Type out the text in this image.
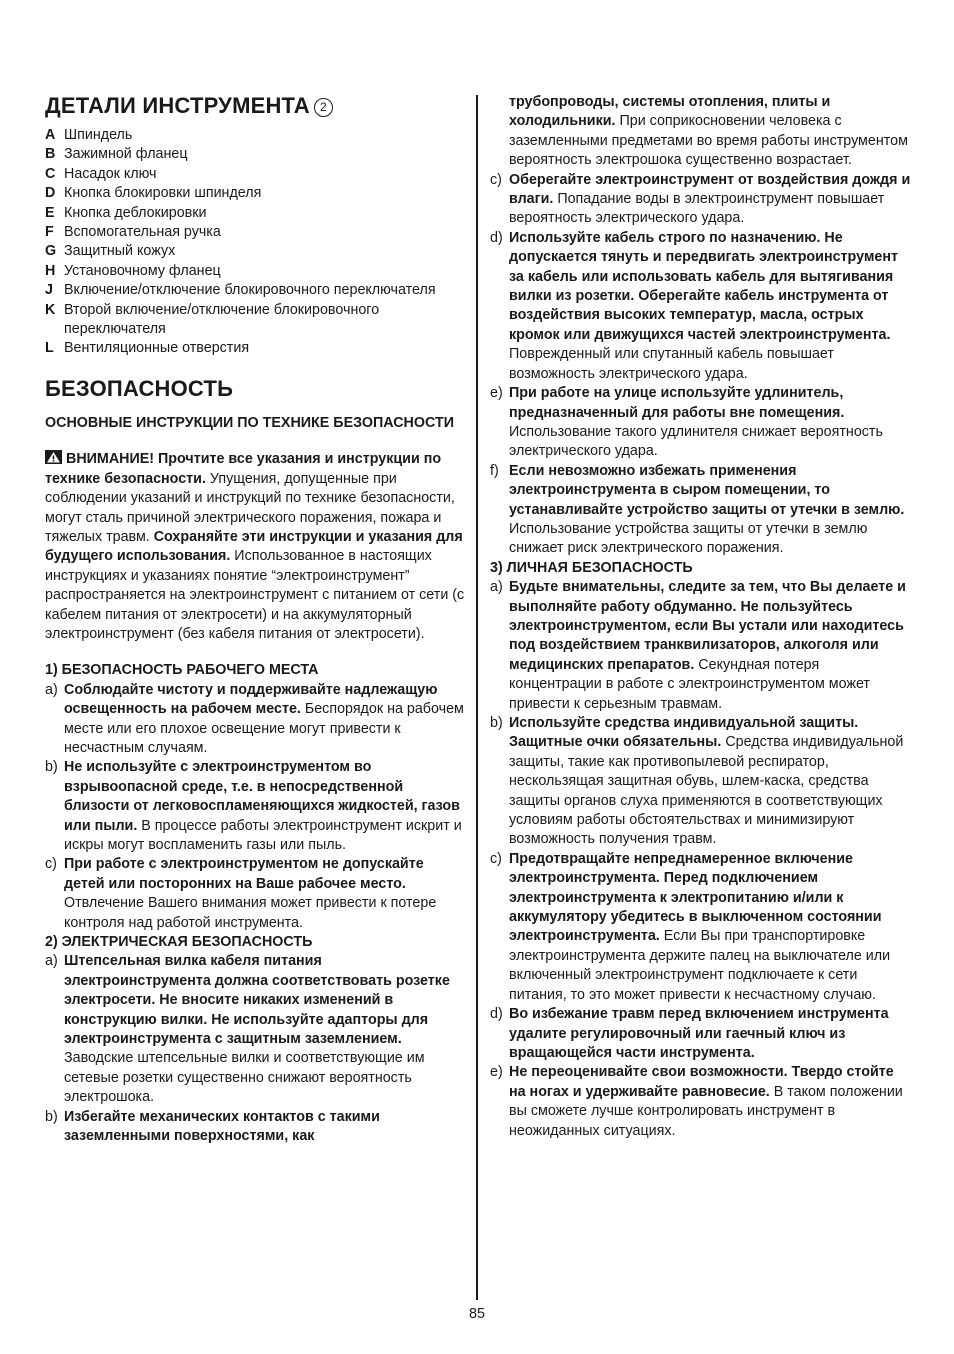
ДЕТАЛИ ИНСТРУМЕНТА 2
A Шпиндель
B Зажимной фланец
C Насадок ключ
D Кнопка блокировки шпинделя
E Кнопка деблокировки
F Вспомогательная ручка
G Защитный кожух
H Установочному фланец
J Включение/отключение блокировочного переключателя
K Второй включение/отключение блокировочного переключателя
L Вентиляционные отверстия
БЕЗОПАСНОСТЬ
ОСНОВНЫЕ ИНСТРУКЦИИ ПО ТЕХНИКЕ БЕЗОПАСНОСТИ

ВНИМАНИЕ! Прочтите все указания и инструкции по технике безопасности. Упущения, допущенные при соблюдении указаний и инструкций по технике безопасности, могут сталь причиной электрического поражения, пожара и тяжелых травм. Сохраняйте эти инструкции и указания для будущего использования. Использованное в настоящих инструкциях и указаниях понятие “электроинструмент” распространяется на электроинструмент с питанием от сети (с кабелем питания от электросети) и на аккумуляторный электроинструмент (без кабеля питания от электросети).

1) БЕЗОПАСНОСТЬ РАБОЧЕГО МЕСТА
a) Соблюдайте чистоту и поддерживайте надлежащую освещенность на рабочем месте. Беспорядок на рабочем месте или его плохое освещение могут привести к несчастным случаям.
b) Не используйте с электроинструментом во взрывоопасной среде, т.е. в непосредственной близости от легковоспламеняющихся жидкостей, газов или пыли. В процессе работы электроинструмент искрит и искры могут воспламенить газы или пыль.
c) При работе с электроинструментом не допускайте детей или посторонних на Ваше рабочее место. Отвлечение Вашего внимания может привести к потере контроля над работой инструмента.
2) ЭЛЕКТРИЧЕСКАЯ БЕЗОПАСНОСТЬ
a) Штепсельная вилка кабеля питания электроинструмента должна соответствовать розетке электросети. Не вносите никаких изменений в конструкцию вилки. Не используйте адапторы для электроинструмента с защитным заземлением. Заводские штепсельные вилки и соответствующие им сетевые розетки существенно снижают вероятность электрошока.
b) Избегайте механических контактов с такими заземленными поверхностями, как
трубопроводы, системы отопления, плиты и холодильники. При соприкосновении человека с заземленными предметами во время работы инструментом вероятность электрошока существенно возрастает.
c) Оберегайте электроинструмент от воздействия дождя и влаги. Попадание воды в электроинструмент повышает вероятность электрического удара.
d) Используйте кабель строго по назначению. Не допускается тянуть и передвигать электроинструмент за кабель или использовать кабель для вытягивания вилки из розетки. Оберегайте кабель инструмента от воздействия высоких температур, масла, острых кромок или движущихся частей электроинструмента. Поврежденный или спутанный кабель повышает возможность электрического удара.
e) При работе на улице используйте удлинитель, предназначенный для работы вне помещения. Использование такого удлинителя снижает вероятность электрического удара.
f) Если невозможно избежать применения электроинструмента в сыром помещении, то устанавливайте устройство защиты от утечки в землю. Использование устройства защиты от утечки в землю снижает риск электрического поражения.
3) ЛИЧНАЯ БЕЗОПАСНОСТЬ
a) Будьте внимательны, следите за тем, что Вы делаете и выполняйте работу обдуманно. Не пользуйтесь электроинструментом, если Вы устали или находитесь под воздействием транквилизаторов, алкоголя или медицинских препаратов. Секундная потеря концентрации в работе с электроинструментом может привести к серьезным травмам.
b) Используйте средства индивидуальной защиты. Защитные очки обязательны. Средства индивидуальной защиты, такие как противопылевой респиратор, нескользящая защитная обувь, шлем-каска, средства защиты органов слуха применяются в соответствующих условиям работы обстоятельствах и минимизируют возможность получения травм.
c) Предотвращайте непреднамеренное включение электроинструмента. Перед подключением электроинструмента к электропитанию и/или к аккумулятору убедитесь в выключенном состоянии электроинструмента. Если Вы при транспортировке электроинструмента держите палец на выключателе или включенный электроинструмент подключаете к сети питания, то это может привести к несчастному случаю.
d) Во избежание травм перед включением инструмента удалите регулировочный или гаечный ключ из вращающейся части инструмента.
e) Не переоценивайте свои возможности. Твердо стойте на ногах и удерживайте равновесие. В таком положении вы сможете лучше контролировать инструмент в неожиданных ситуациях.
85
